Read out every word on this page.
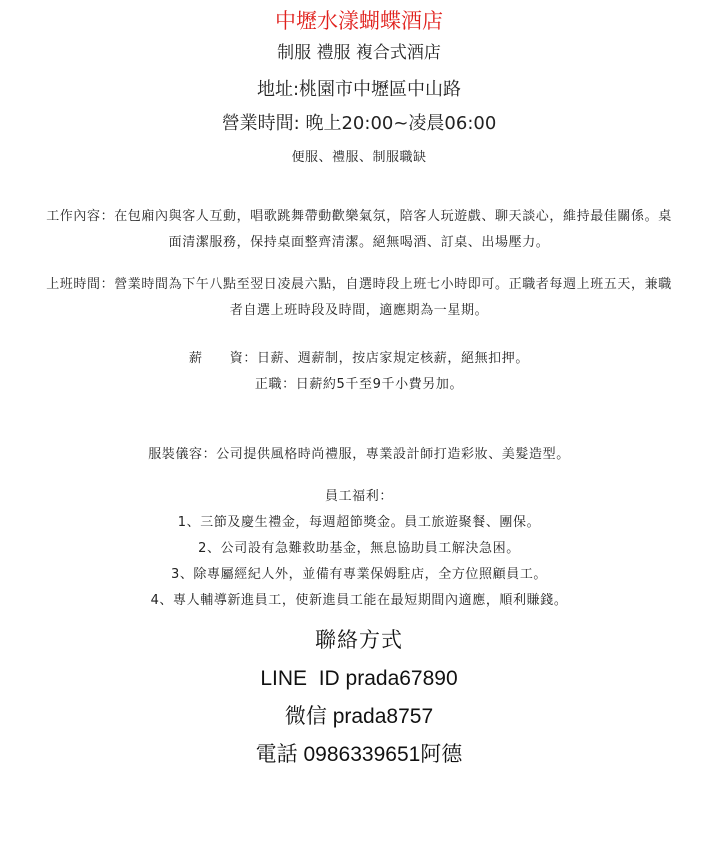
中壢水漾蝴蝶酒店

制服 禮服 複合式酒店

地址:桃園市中壢區中山路

營業時間: 晚上20:00~凌晨06:00

便服、禮服、制服職缺

工作內容：在包廂內與客人互動，唱歌跳舞帶動歡樂氣氛，陪客人玩遊戲、聊天談心，維持最佳關係。桌面清潔服務，保持桌面整齊清潔。絕無喝酒、訂桌、出場壓力。

上班時間：營業時間為下午八點至翌日凌晨六點，自選時段上班七小時即可。正職者每週上班五天，兼職者自選上班時段及時間，適應期為一星期。

薪　　資：日薪、週薪制，按店家規定核薪，絕無扣押。

正職：日薪約5千至9千小費另加。

服裝儀容：公司提供風格時尚禮服，專業設計師打造彩妝、美髮造型。

員工福利：

1、三節及慶生禮金，每週超節獎金。員工旅遊聚餐、團保。

2、公司設有急難救助基金，無息協助員工解決急困。

3、除專屬經紀人外，並備有專業保姆駐店，全方位照顧員工。

4、專人輔導新進員工，使新進員工能在最短期間內適應，順利賺錢。

聯絡方式

LINE  ID prada67890

微信 prada8757

電話 0986339651阿德
